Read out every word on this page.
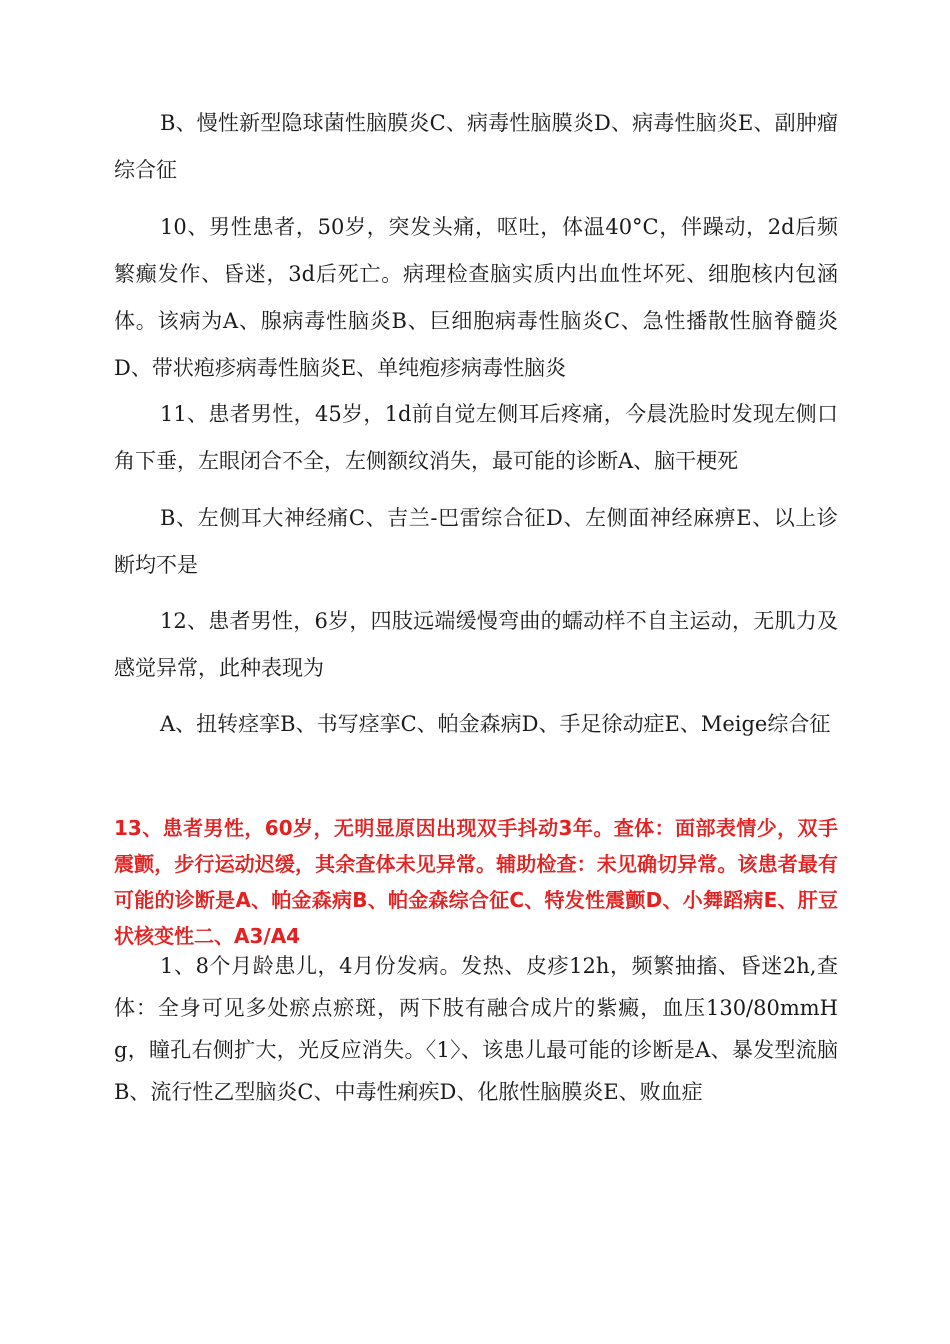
B、慢性新型隐球菌性脑膜炎C、病毒性脑膜炎D、病毒性脑炎E、副肿瘤综合征

10、男性患者，50岁，突发头痛，呕吐，体温40°C，伴躁动，2d后频繁癫发作、昏迷，3d后死亡。病理检查脑实质内出血性坏死、细胞核内包涵体。该病为A、腺病毒性脑炎B、巨细胞病毒性脑炎C、急性播散性脑脊髓炎D、带状疱疹病毒性脑炎E、单纯疱疹病毒性脑炎

11、患者男性，45岁，1d前自觉左侧耳后疼痛，今晨洗脸时发现左侧口角下垂，左眼闭合不全，左侧额纹消失，最可能的诊断A、脑干梗死

B、左侧耳大神经痛C、吉兰-巴雷综合征D、左侧面神经麻痹E、以上诊断均不是

12、患者男性，6岁，四肢远端缓慢弯曲的蠕动样不自主运动，无肌力及感觉异常，此种表现为

A、扭转痉挛B、书写痉挛C、帕金森病D、手足徐动症E、Meige综合征

13、患者男性，60岁，无明显原因出现双手抖动3年。查体：面部表情少，双手震颤，步行运动迟缓，其余查体未见异常。辅助检查：未见确切异常。该患者最有可能的诊断是A、帕金森病B、帕金森综合征C、特发性震颤D、小舞蹈病E、肝豆状核变性二、A3/A4

1、8个月龄患儿，4月份发病。发热、皮疹12h，频繁抽搐、昏迷2h,查体：全身可见多处瘀点瘀斑，两下肢有融合成片的紫癜，血压130/80mmHg，瞳孔右侧扩大，光反应消失。〈1〉、该患儿最可能的诊断是A、暴发型流脑B、流行性乙型脑炎C、中毒性痢疾D、化脓性脑膜炎E、败血症
